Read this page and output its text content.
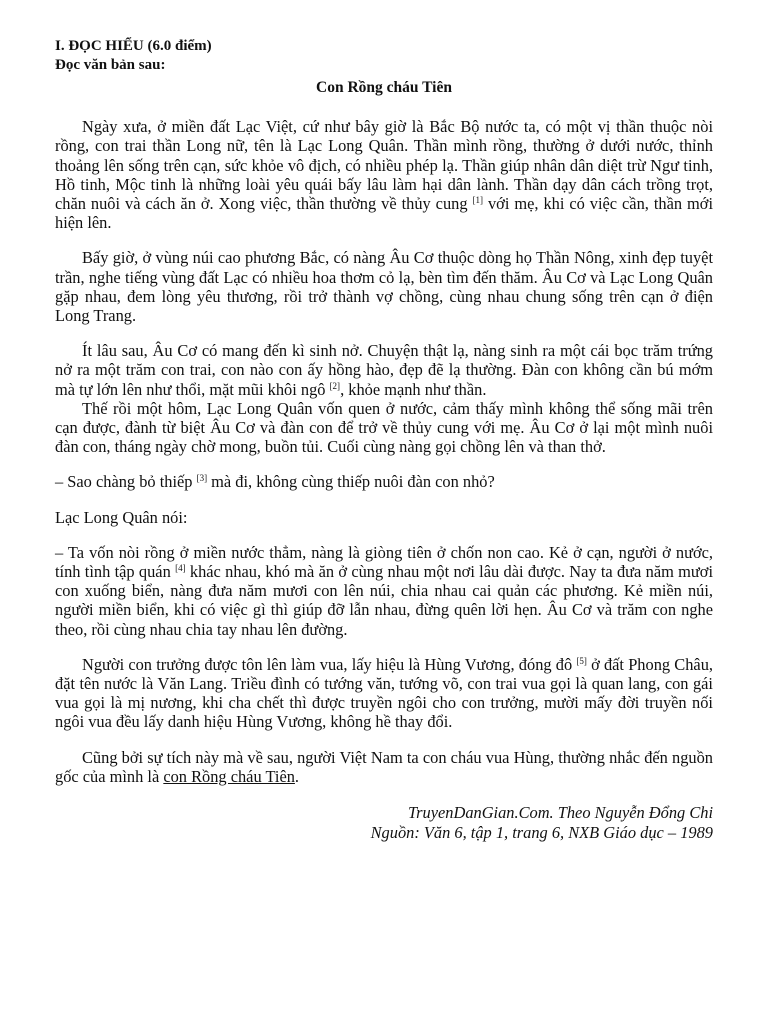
I. ĐỌC HIỂU (6.0 điểm)
Đọc văn bản sau:
Con Rồng cháu Tiên

Ngày xưa, ở miền đất Lạc Việt, cứ như bây giờ là Bắc Bộ nước ta, có một vị thần thuộc nòi rồng, con trai thần Long nữ, tên là Lạc Long Quân. Thần mình rồng, thường ở dưới nước, thỉnh thoảng lên sống trên cạn, sức khỏe vô địch, có nhiều phép lạ. Thần giúp nhân dân diệt trừ Ngư tinh, Hồ tinh, Mộc tinh là những loài yêu quái bấy lâu làm hại dân lành. Thần dạy dân cách trồng trọt, chăn nuôi và cách ăn ở. Xong việc, thần thường về thủy cung [1] với mẹ, khi có việc cần, thần mới hiện lên.

Bấy giờ, ở vùng núi cao phương Bắc, có nàng Âu Cơ thuộc dòng họ Thần Nông, xinh đẹp tuyệt trần, nghe tiếng vùng đất Lạc có nhiều hoa thơm cỏ lạ, bèn tìm đến thăm. Âu Cơ và Lạc Long Quân gặp nhau, đem lòng yêu thương, rồi trở thành vợ chồng, cùng nhau chung sống trên cạn ở điện Long Trang.

Ít lâu sau, Âu Cơ có mang đến kì sinh nở. Chuyện thật lạ, nàng sinh ra một cái bọc trăm trứng nở ra một trăm con trai, con nào con ấy hồng hào, đẹp đẽ lạ thường. Đàn con không cần bú mớm mà tự lớn lên như thổi, mặt mũi khôi ngô [2], khỏe mạnh như thần.

Thế rồi một hôm, Lạc Long Quân vốn quen ở nước, cảm thấy mình không thể sống mãi trên cạn được, đành từ biệt Âu Cơ và đàn con để trở về thủy cung với mẹ. Âu Cơ ở lại một mình nuôi đàn con, tháng ngày chờ mong, buồn tủi. Cuối cùng nàng gọi chồng lên và than thở.

– Sao chàng bỏ thiếp [3] mà đi, không cùng thiếp nuôi đàn con nhỏ?

Lạc Long Quân nói:

– Ta vốn nòi rồng ở miền nước thẳm, nàng là giòng tiên ở chốn non cao. Kẻ ở cạn, người ở nước, tính tình tập quán [4] khác nhau, khó mà ăn ở cùng nhau một nơi lâu dài được. Nay ta đưa năm mươi con xuống biển, nàng đưa năm mươi con lên núi, chia nhau cai quản các phương. Kẻ miền núi, người miền biển, khi có việc gì thì giúp đỡ lẫn nhau, đừng quên lời hẹn. Âu Cơ và trăm con nghe theo, rồi cùng nhau chia tay nhau lên đường.

Người con trưởng được tôn lên làm vua, lấy hiệu là Hùng Vương, đóng đô [5] ở đất Phong Châu, đặt tên nước là Văn Lang. Triều đình có tướng văn, tướng võ, con trai vua gọi là quan lang, con gái vua gọi là mị nương, khi cha chết thì được truyền ngôi cho con trưởng, mười mấy đời truyền nối ngôi vua đều lấy danh hiệu Hùng Vương, không hề thay đổi.

Cũng bởi sự tích này mà về sau, người Việt Nam ta con cháu vua Hùng, thường nhắc đến nguồn gốc của mình là con Rồng cháu Tiên.

TruyenDanGian.Com. Theo Nguyễn Đổng Chi
Nguồn: Văn 6, tập 1, trang 6, NXB Giáo dục – 1989
